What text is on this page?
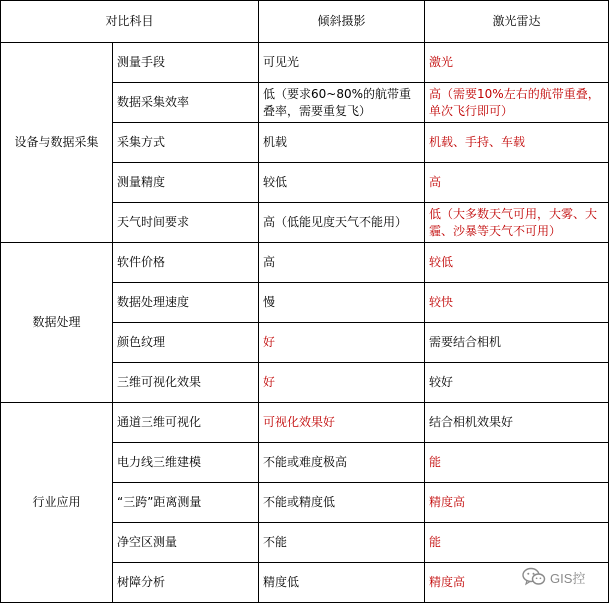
对比科目		倾斜摄影	激光雷达
设备与数据采集	测量手段	可见光	激光
	数据采集效率	低（要求60~80%的航带重叠率，需要重复飞）	高（需要10%左右的航带重叠，单次飞行即可）
	采集方式	机载	机载、手持、车载
	测量精度	较低	高
	天气时间要求	高（低能见度天气不能用）	低（大多数天气可用，大雾、大霾、沙暴等天气不可用）
数据处理	软件价格	高	较低
	数据处理速度	慢	较快
	颜色纹理	好	需要结合相机
	三维可视化效果	好	较好
行业应用	通道三维可视化	可视化效果好	结合相机效果好
	电力线三维建模	不能或难度极高	能
	“三跨”距离测量	不能或精度低	精度高
	净空区测量	不能	能
	树障分析	精度低	精度高	GIS控
